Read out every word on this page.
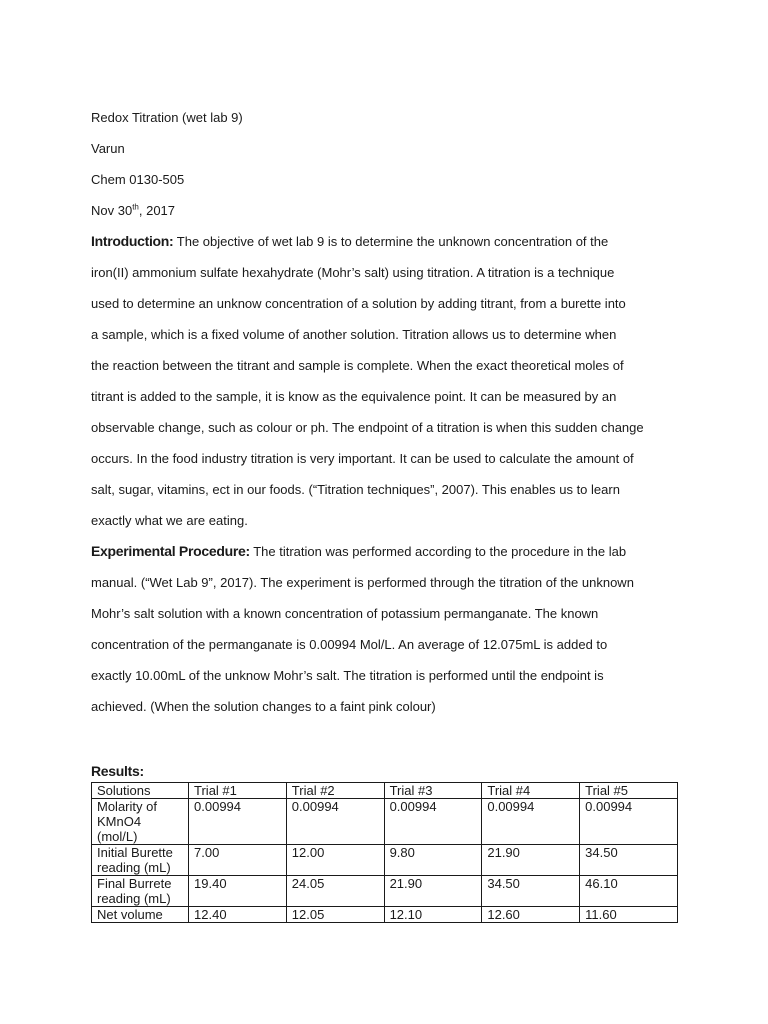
Redox Titration (wet lab 9)
Varun
Chem 0130-505
Nov 30th, 2017
Introduction: The objective of wet lab 9 is to determine the unknown concentration of the
iron(II) ammonium sulfate hexahydrate (Mohr’s salt) using titration. A titration is a technique
used to determine an unknow concentration of a solution by adding titrant, from a burette into
a sample, which is a fixed volume of another solution. Titration allows us to determine when
the reaction between the titrant and sample is complete. When the exact theoretical moles of
titrant is added to the sample, it is know as the equivalence point. It can be measured by an
observable change, such as colour or ph. The endpoint of a titration is when this sudden change
occurs. In the food industry titration is very important. It can be used to calculate the amount of
salt, sugar, vitamins, ect in our foods. (“Titration techniques”, 2007). This enables us to learn
exactly what we are eating.
Experimental Procedure: The titration was performed according to the procedure in the lab
manual. (“Wet Lab 9”, 2017). The experiment is performed through the titration of the unknown
Mohr’s salt solution with a known concentration of potassium permanganate. The known
concentration of the permanganate is 0.00994 Mol/L. An average of 12.075mL is added to
exactly 10.00mL of the unknow Mohr’s salt. The titration is performed until the endpoint is
achieved. (When the solution changes to a faint pink colour)
Results:
Solutions	Trial #1	Trial #2	Trial #3	Trial #4	Trial #5
Molarity of KMnO4 (mol/L)	0.00994	0.00994	0.00994	0.00994	0.00994
Initial Burette reading (mL)	7.00	12.00	9.80	21.90	34.50
Final Burrete reading (mL)	19.40	24.05	21.90	34.50	46.10
Net volume	12.40	12.05	12.10	12.60	11.60
